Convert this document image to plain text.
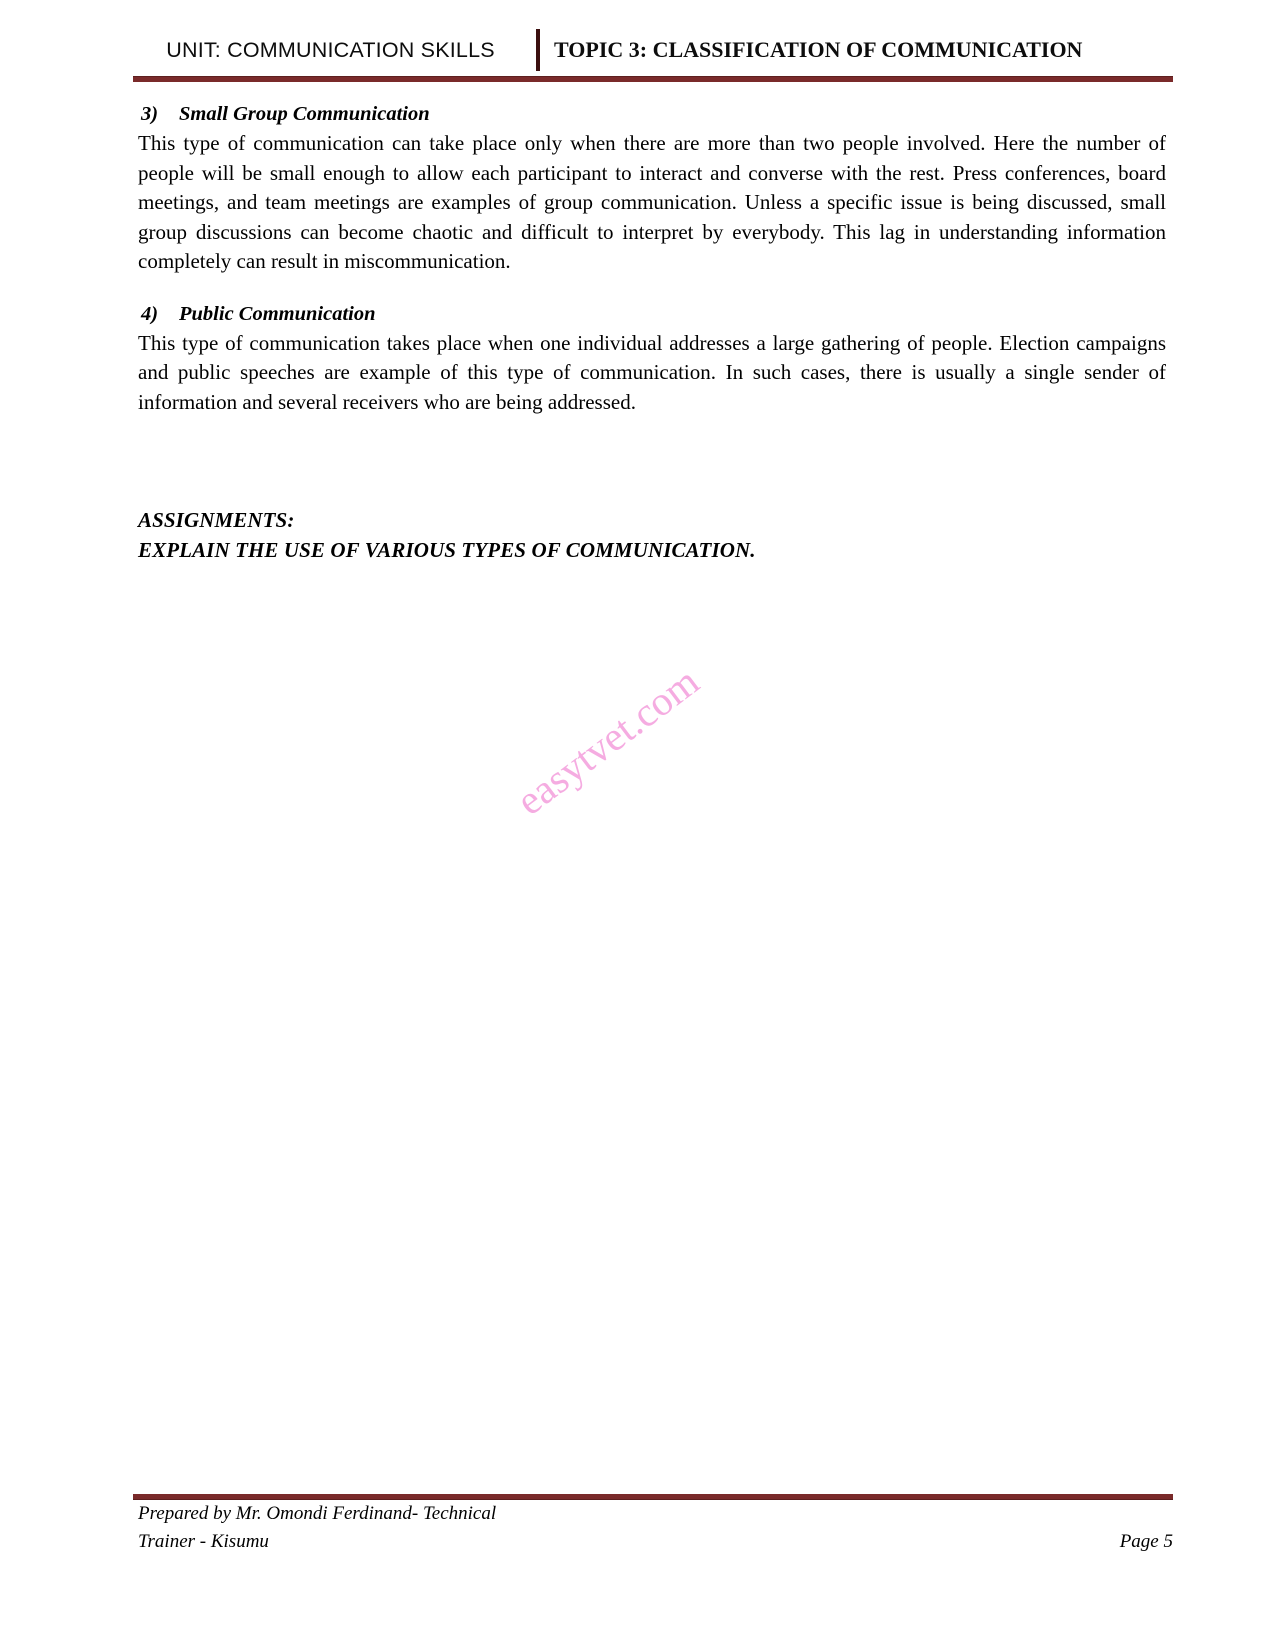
UNIT: COMMUNICATION SKILLS	TOPIC 3: CLASSIFICATION OF COMMUNICATION
3) Small Group Communication

This type of communication can take place only when there are more than two people involved. Here the number of people will be small enough to allow each participant to interact and converse with the rest. Press conferences, board meetings, and team meetings are examples of group communication. Unless a specific issue is being discussed, small group discussions can become chaotic and difficult to interpret by everybody. This lag in understanding information completely can result in miscommunication.

4) Public Communication

This type of communication takes place when one individual addresses a large gathering of people. Election campaigns and public speeches are example of this type of communication. In such cases, there is usually a single sender of information and several receivers who are being addressed.

ASSIGNMENTS:
EXPLAIN THE USE OF VARIOUS TYPES OF COMMUNICATION.
easytvet.com
Prepared by Mr. Omondi Ferdinand- Technical
Trainer - Kisumu	Page 5
